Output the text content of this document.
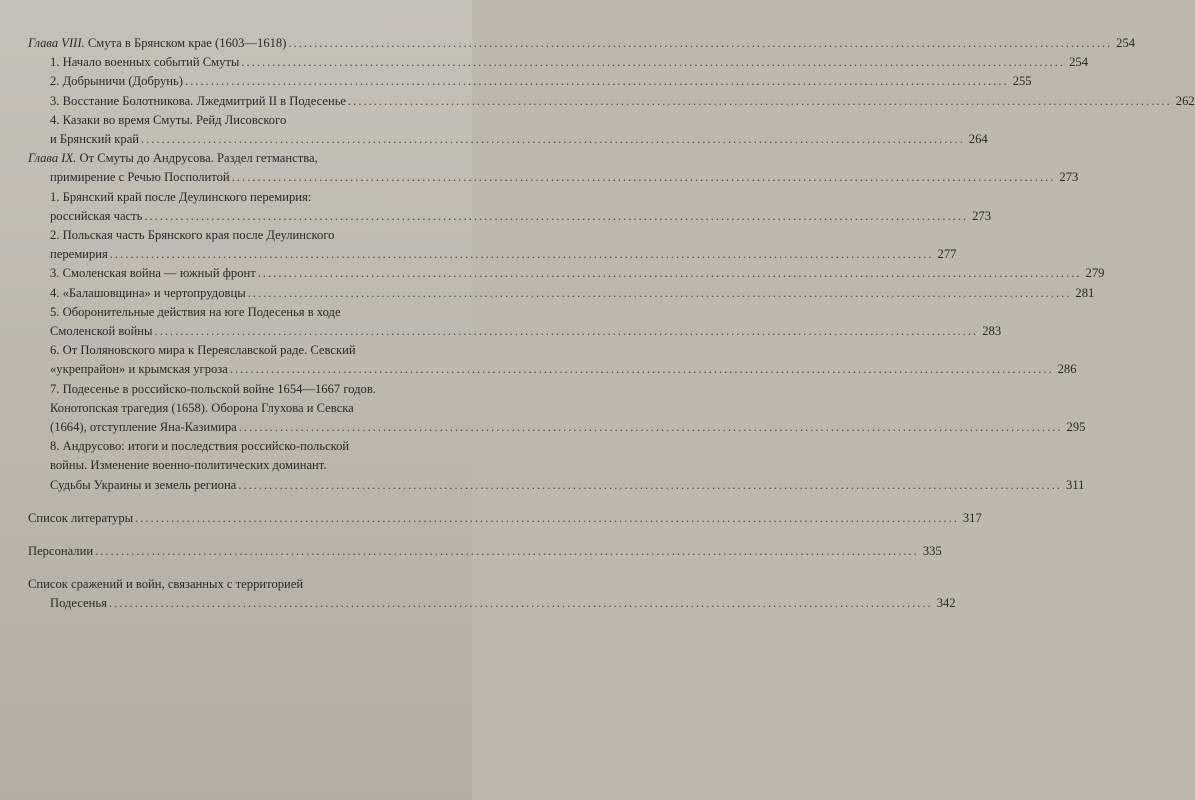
Глава VIII. Смута в Брянском крае (1603—1618) .....	254
1. Начало военных событий Смуты .....	254
2. Добрыничи (Добрунь) .....	255
3. Восстание Болотникова. Лжедмитрий II в Подесенье .....	262
4. Казаки во время Смуты. Рейд Лисовского
и Брянский край .....	264
Глава IX. От Смуты до Андрусова. Раздел гетманства,
примирение с Речью Посполитой .....	273
1. Брянский край после Деулинского перемирия:
российская часть .....	273
2. Польская часть Брянского края после Деулинского
перемирия .....	277
3. Смоленская война — южный фронт .....	279
4. «Балашовщина» и чертопрудовцы .....	281
5. Оборонительные действия на юге Подесенья в ходе
Смоленской войны .....	283
6. От Поляновского мира к Переяславской раде. Севский
«укрепрайон» и крымская угроза .....	286
7. Подесенье в российско-польской войне 1654—1667 годов.
Конотопская трагедия (1658). Оборона Глухова и Севска
(1664), отступление Яна-Казимира .....	295
8. Андрусово: итоги и последствия российско-польской
войны. Изменение военно-политических доминант.
Судьбы Украины и земель региона .....	311
Список литературы .....	317
Персоналии .....	335
Список сражений и войн, связанных с территорией
Подесенья .....	342
